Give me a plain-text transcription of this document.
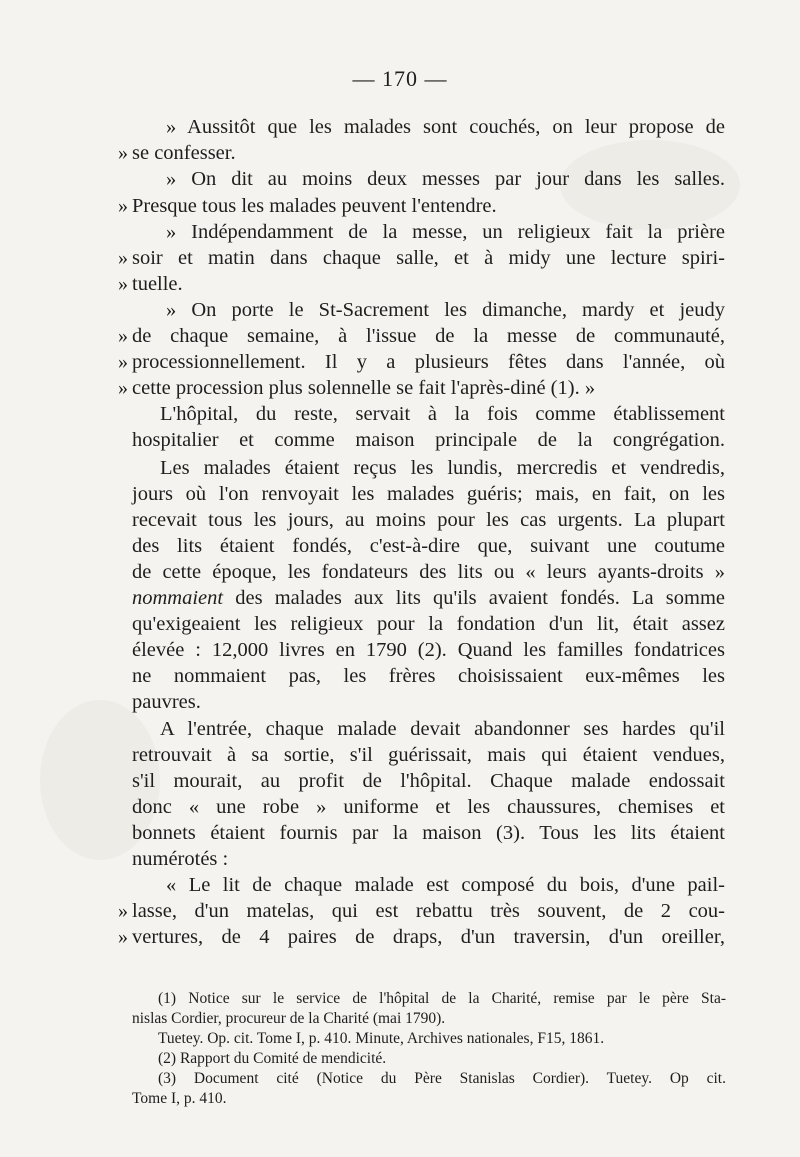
— 170 —
» Aussitôt que les malades sont couchés, on leur propose de
» se confesser.
» On dit au moins deux messes par jour dans les salles.
» Presque tous les malades peuvent l'entendre.
» Indépendamment de la messe, un religieux fait la prière
» soir et matin dans chaque salle, et à midy une lecture spiri-
» tuelle.
» On porte le St-Sacrement les dimanche, mardy et jeudy
» de chaque semaine, à l'issue de la messe de communauté,
» processionnellement. Il y a plusieurs fêtes dans l'année, où
» cette procession plus solennelle se fait l'après-diné (1). »
L'hôpital, du reste, servait à la fois comme établissement
hospitalier et comme maison principale de la congrégation.
Les malades étaient reçus les lundis, mercredis et vendredis,
jours où l'on renvoyait les malades guéris; mais, en fait, on les
recevait tous les jours, au moins pour les cas urgents. La plupart
des lits étaient fondés, c'est-à-dire que, suivant une coutume
de cette époque, les fondateurs des lits ou « leurs ayants-droits »
nommaient des malades aux lits qu'ils avaient fondés. La somme
qu'exigeaient les religieux pour la fondation d'un lit, était assez
élevée : 12,000 livres en 1790 (2). Quand les familles fondatrices
ne nommaient pas, les frères choisissaient eux-mêmes les
pauvres.
A l'entrée, chaque malade devait abandonner ses hardes qu'il
retrouvait à sa sortie, s'il guérissait, mais qui étaient vendues,
s'il mourait, au profit de l'hôpital. Chaque malade endossait
donc « une robe » uniforme et les chaussures, chemises et
bonnets étaient fournis par la maison (3). Tous les lits étaient
numérotés :
« Le lit de chaque malade est composé du bois, d'une pail-
» lasse, d'un matelas, qui est rebattu très souvent, de 2 cou-
» vertures, de 4 paires de draps, d'un traversin, d'un oreiller,
(1) Notice sur le service de l'hôpital de la Charité, remise par le père Sta-
nislas Cordier, procureur de la Charité (mai 1790).
Tuetey. Op. cit. Tome I, p. 410. Minute, Archives nationales, F15, 1861.
(2) Rapport du Comité de mendicité.
(3) Document cité (Notice du Père Stanislas Cordier). Tuetey. Op cit.
Tome I, p. 410.
